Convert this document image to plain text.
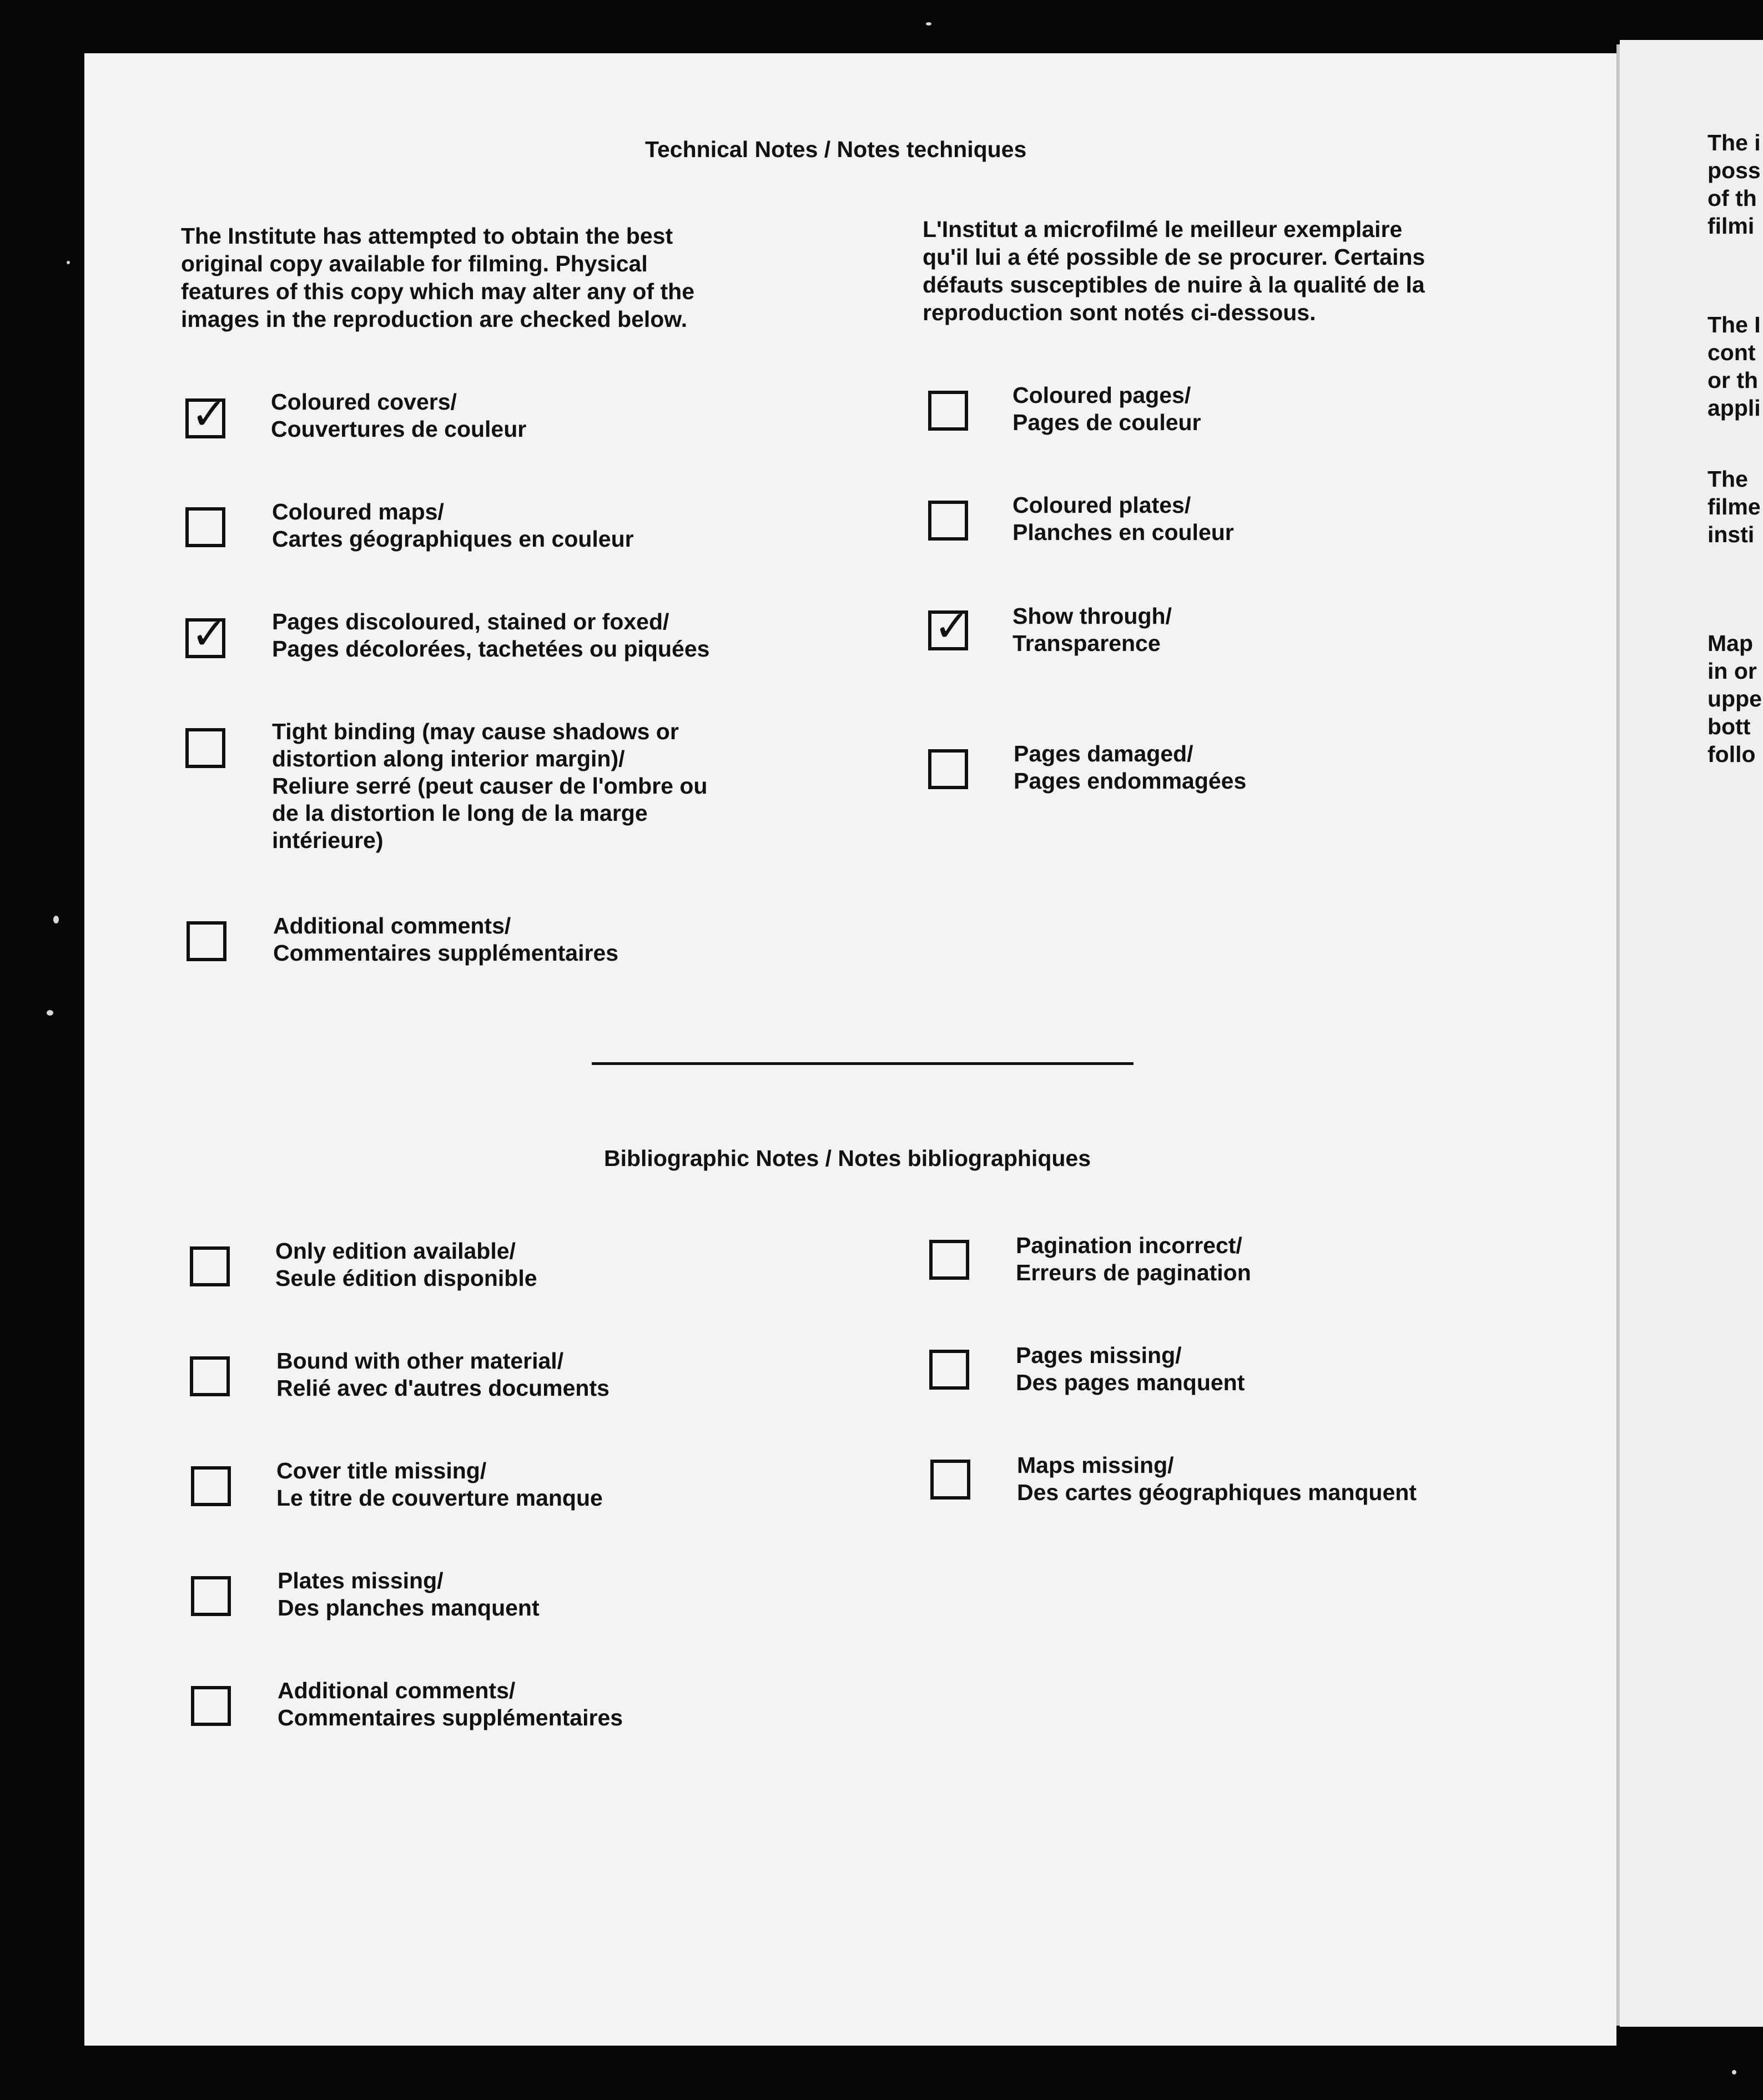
The i
poss
of th
filmi
The I
cont
or th
appli
The
filme
insti
Map
in or
uppe
bott
follo
Technical Notes / Notes techniques
The Institute has attempted to obtain the best
original copy available for filming. Physical
features of this copy which may alter any of the
images in the reproduction are checked below.
L'Institut a microfilmé le meilleur exemplaire
qu'il lui a été possible de se procurer. Certains
défauts susceptibles de nuire à la qualité de la
reproduction sont notés ci-dessous.
✓ Coloured covers/
Couvertures de couleur
Coloured maps/
Cartes géographiques en couleur
✓ Pages discoloured, stained or foxed/
Pages décolorées, tachetées ou piquées
Tight binding (may cause shadows or
distortion along interior margin)/
Reliure serré (peut causer de l'ombre ou
de la distortion le long de la marge
intérieure)
Additional comments/
Commentaires supplémentaires
Coloured pages/
Pages de couleur
Coloured plates/
Planches en couleur
✓ Show through/
Transparence
Pages damaged/
Pages endommagées
Bibliographic Notes / Notes bibliographiques
Only edition available/
Seule édition disponible
Bound with other material/
Relié avec d'autres documents
Cover title missing/
Le titre de couverture manque
Plates missing/
Des planches manquent
Additional comments/
Commentaires supplémentaires
Pagination incorrect/
Erreurs de pagination
Pages missing/
Des pages manquent
Maps missing/
Des cartes géographiques manquent
